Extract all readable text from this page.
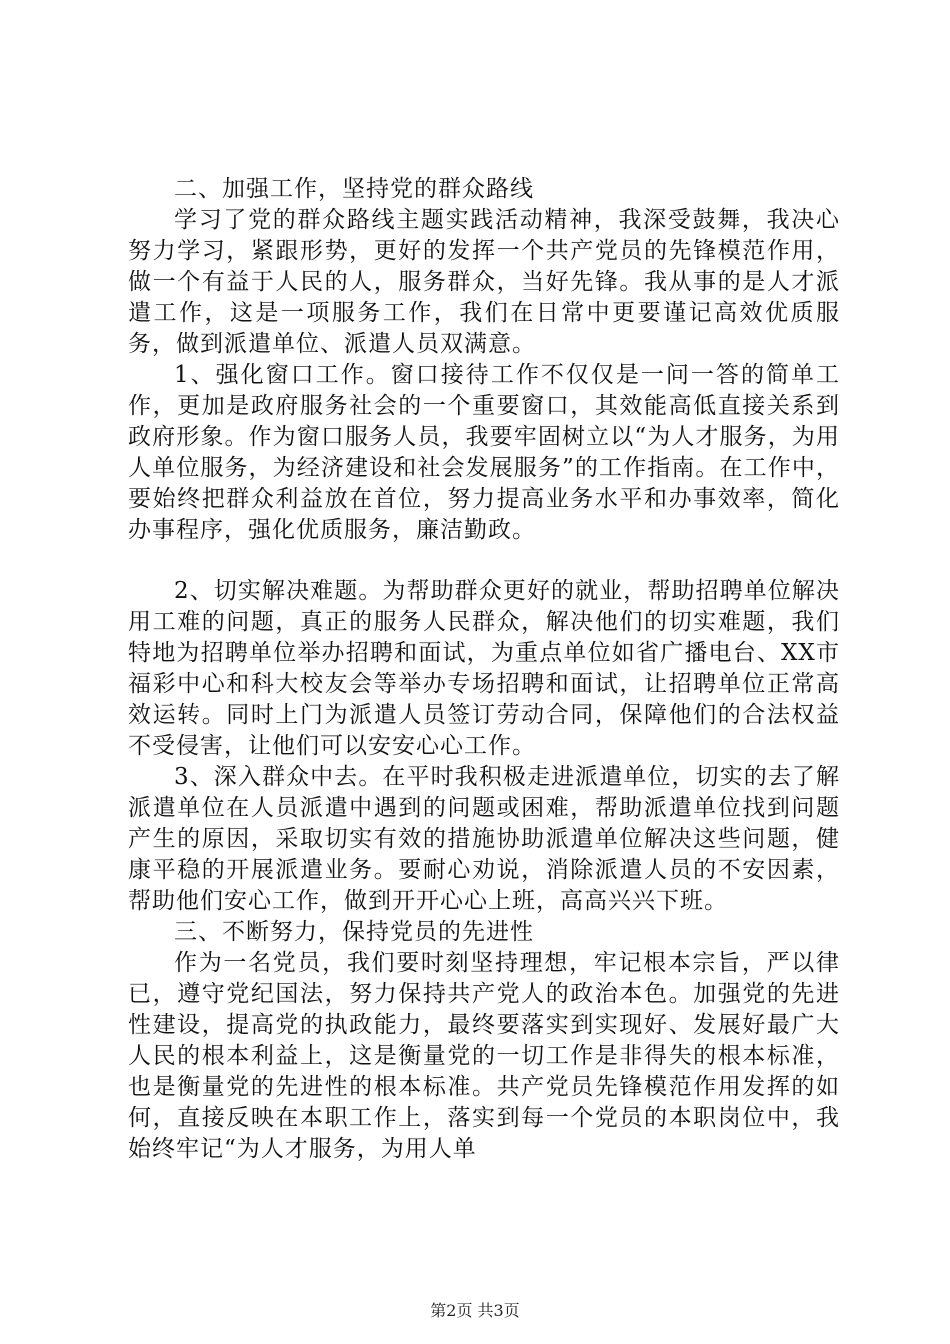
二、加强工作，坚持党的群众路线

学习了党的群众路线主题实践活动精神，我深受鼓舞，我决心努力学习，紧跟形势，更好的发挥一个共产党员的先锋模范作用，做一个有益于人民的人，服务群众，当好先锋。我从事的是人才派遣工作，这是一项服务工作，我们在日常中更要谨记高效优质服务，做到派遣单位、派遣人员双满意。

1、强化窗口工作。窗口接待工作不仅仅是一问一答的简单工作，更加是政府服务社会的一个重要窗口，其效能高低直接关系到政府形象。作为窗口服务人员，我要牢固树立以“为人才服务，为用人单位服务，为经济建设和社会发展服务”的工作指南。在工作中，要始终把群众利益放在首位，努力提高业务水平和办事效率，简化办事程序，强化优质服务，廉洁勤政。

2、切实解决难题。为帮助群众更好的就业，帮助招聘单位解决用工难的问题，真正的服务人民群众，解决他们的切实难题，我们特地为招聘单位举办招聘和面试，为重点单位如省广播电台、XX市福彩中心和科大校友会等举办专场招聘和面试，让招聘单位正常高效运转。同时上门为派遣人员签订劳动合同，保障他们的合法权益不受侵害，让他们可以安安心心工作。

3、深入群众中去。在平时我积极走进派遣单位，切实的去了解派遣单位在人员派遣中遇到的问题或困难，帮助派遣单位找到问题产生的原因，采取切实有效的措施协助派遣单位解决这些问题，健康平稳的开展派遣业务。要耐心劝说，消除派遣人员的不安因素，帮助他们安心工作，做到开开心心上班，高高兴兴下班。

三、不断努力，保持党员的先进性

作为一名党员，我们要时刻坚持理想，牢记根本宗旨，严以律已，遵守党纪国法，努力保持共产党人的政治本色。加强党的先进性建设，提高党的执政能力，最终要落实到实现好、发展好最广大人民的根本利益上，这是衡量党的一切工作是非得失的根本标准，也是衡量党的先进性的根本标准。共产党员先锋模范作用发挥的如何，直接反映在本职工作上，落实到每一个党员的本职岗位中，我始终牢记“为人才服务，为用人单

第2页 共3页
